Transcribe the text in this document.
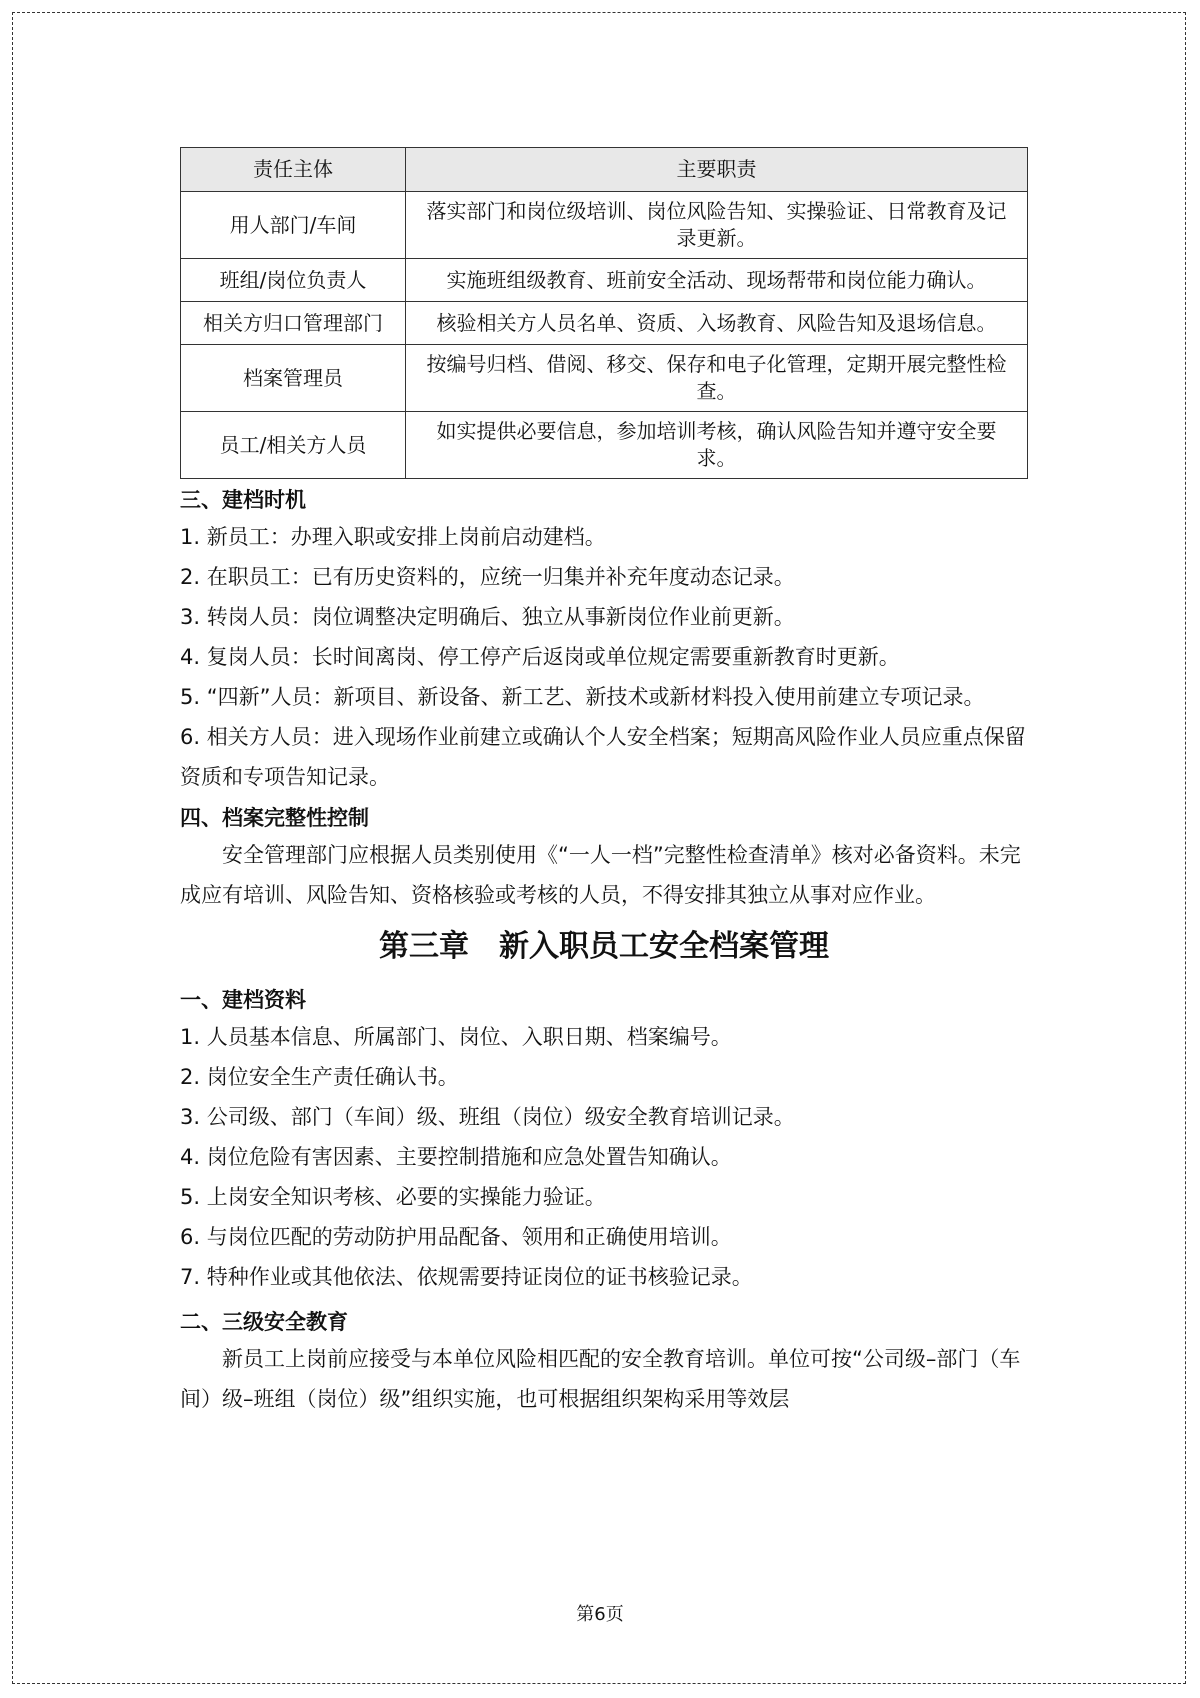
责任主体	主要职责
用人部门/车间	落实部门和岗位级培训、岗位风险告知、实操验证、日常教育及记录更新。
班组/岗位负责人	实施班组级教育、班前安全活动、现场帮带和岗位能力确认。
相关方归口管理部门	核验相关方人员名单、资质、入场教育、风险告知及退场信息。
档案管理员	按编号归档、借阅、移交、保存和电子化管理，定期开展完整性检查。
员工/相关方人员	如实提供必要信息，参加培训考核，确认风险告知并遵守安全要求。

三、建档时机

1. 新员工：办理入职或安排上岗前启动建档。

2. 在职员工：已有历史资料的，应统一归集并补充年度动态记录。

3. 转岗人员：岗位调整决定明确后、独立从事新岗位作业前更新。

4. 复岗人员：长时间离岗、停工停产后返岗或单位规定需要重新教育时更新。

5. “四新”人员：新项目、新设备、新工艺、新技术或新材料投入使用前建立专项记录。

6. 相关方人员：进入现场作业前建立或确认个人安全档案；短期高风险作业人员应重点保留资质和专项告知记录。

四、档案完整性控制

安全管理部门应根据人员类别使用《“一人一档”完整性检查清单》核对必备资料。未完成应有培训、风险告知、资格核验或考核的人员，不得安排其独立从事对应作业。

第三章　新入职员工安全档案管理

一、建档资料

1. 人员基本信息、所属部门、岗位、入职日期、档案编号。

2. 岗位安全生产责任确认书。

3. 公司级、部门（车间）级、班组（岗位）级安全教育培训记录。

4. 岗位危险有害因素、主要控制措施和应急处置告知确认。

5. 上岗安全知识考核、必要的实操能力验证。

6. 与岗位匹配的劳动防护用品配备、领用和正确使用培训。

7. 特种作业或其他依法、依规需要持证岗位的证书核验记录。

二、三级安全教育

新员工上岗前应接受与本单位风险相匹配的安全教育培训。单位可按“公司级–部门（车间）级–班组（岗位）级”组织实施，也可根据组织架构采用等效层

第6页
